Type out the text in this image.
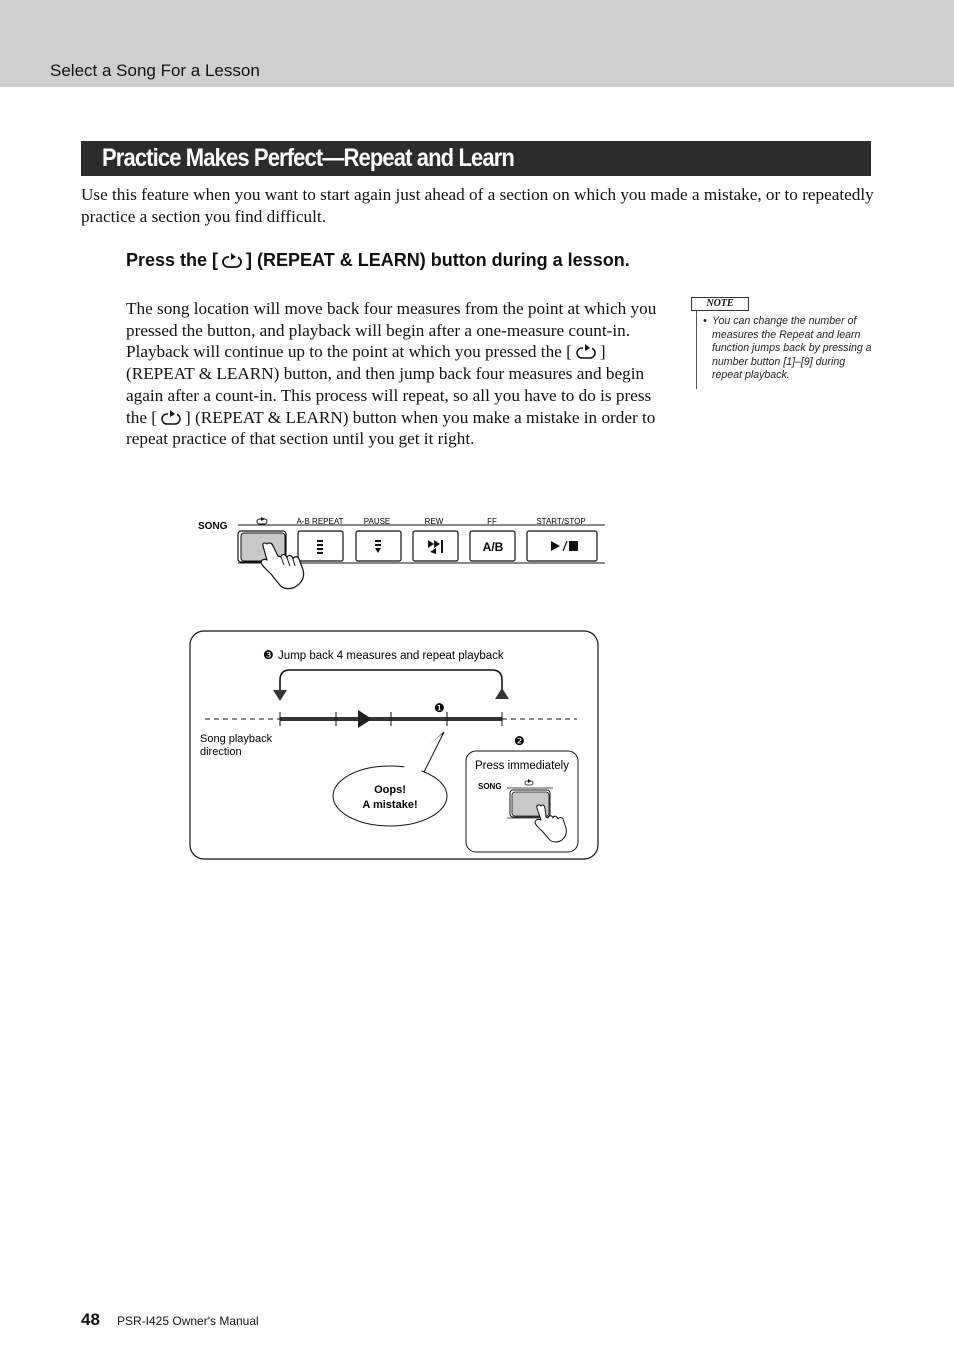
Select a Song For a Lesson
Practice Makes Perfect—Repeat and Learn
Use this feature when you want to start again just ahead of a section on which you made a mistake, or to repeatedly practice a section you find difficult.
Press the [ ] (REPEAT & LEARN) button during a lesson.
The song location will move back four measures from the point at which you pressed the button, and playback will begin after a one-measure count-in. Playback will continue up to the point at which you pressed the [ ] (REPEAT & LEARN) button, and then jump back four measures and begin again after a count-in. This process will repeat, so all you have to do is press the [ ] (REPEAT & LEARN) button when you make a mistake in order to repeat practice of that section until you get it right.
NOTE
• You can change the number of measures the Repeat and learn function jumps back by pressing a number button [1]–[9] during repeat playback.
SONG	A-B REPEAT	PAUSE	REW	FF	START/STOP
A/B
❸ Jump back 4 measures and repeat playback
❶
❷
Song playback
direction
Oops!
A mistake!
Press immediately
SONG
48 PSR-I425 Owner's Manual
